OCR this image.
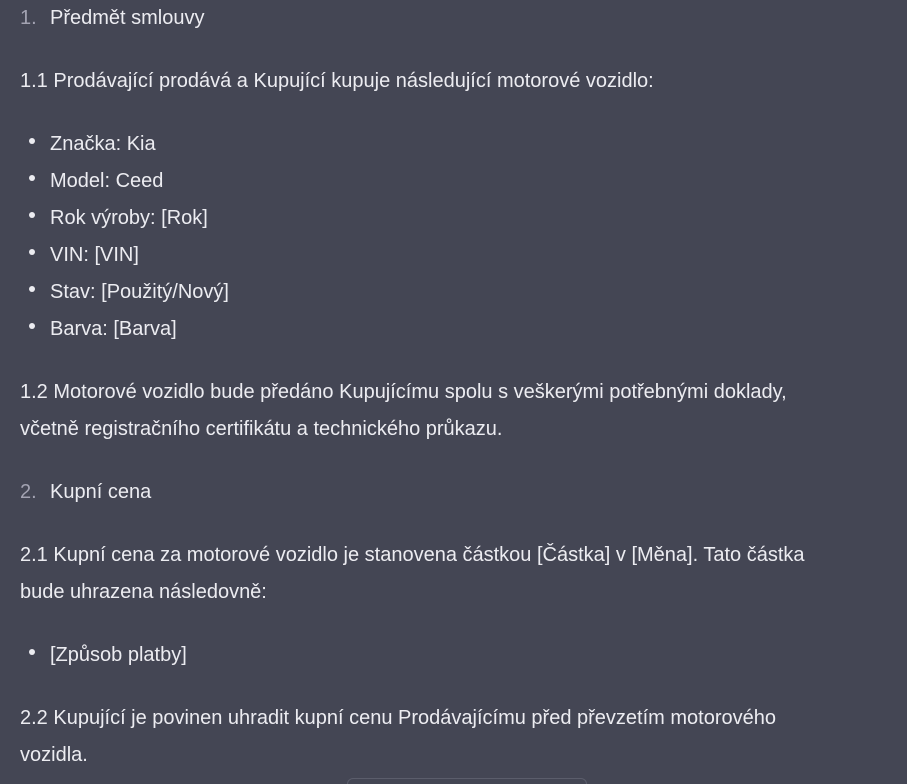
1. Předmět smlouvy

1.1 Prodávající prodává a Kupující kupuje následující motorové vozidlo:

Značka: Kia
Model: Ceed
Rok výroby: [Rok]
VIN: [VIN]
Stav: [Použitý/Nový]
Barva: [Barva]

1.2 Motorové vozidlo bude předáno Kupujícímu spolu s veškerými potřebnými doklady,

včetně registračního certifikátu a technického průkazu.

2. Kupní cena

2.1 Kupní cena za motorové vozidlo je stanovena částkou [Částka] v [Měna]. Tato částka

bude uhrazena následovně:

[Způsob platby]

2.2 Kupující je povinen uhradit kupní cenu Prodávajícímu před převzetím motorového

vozidla.
